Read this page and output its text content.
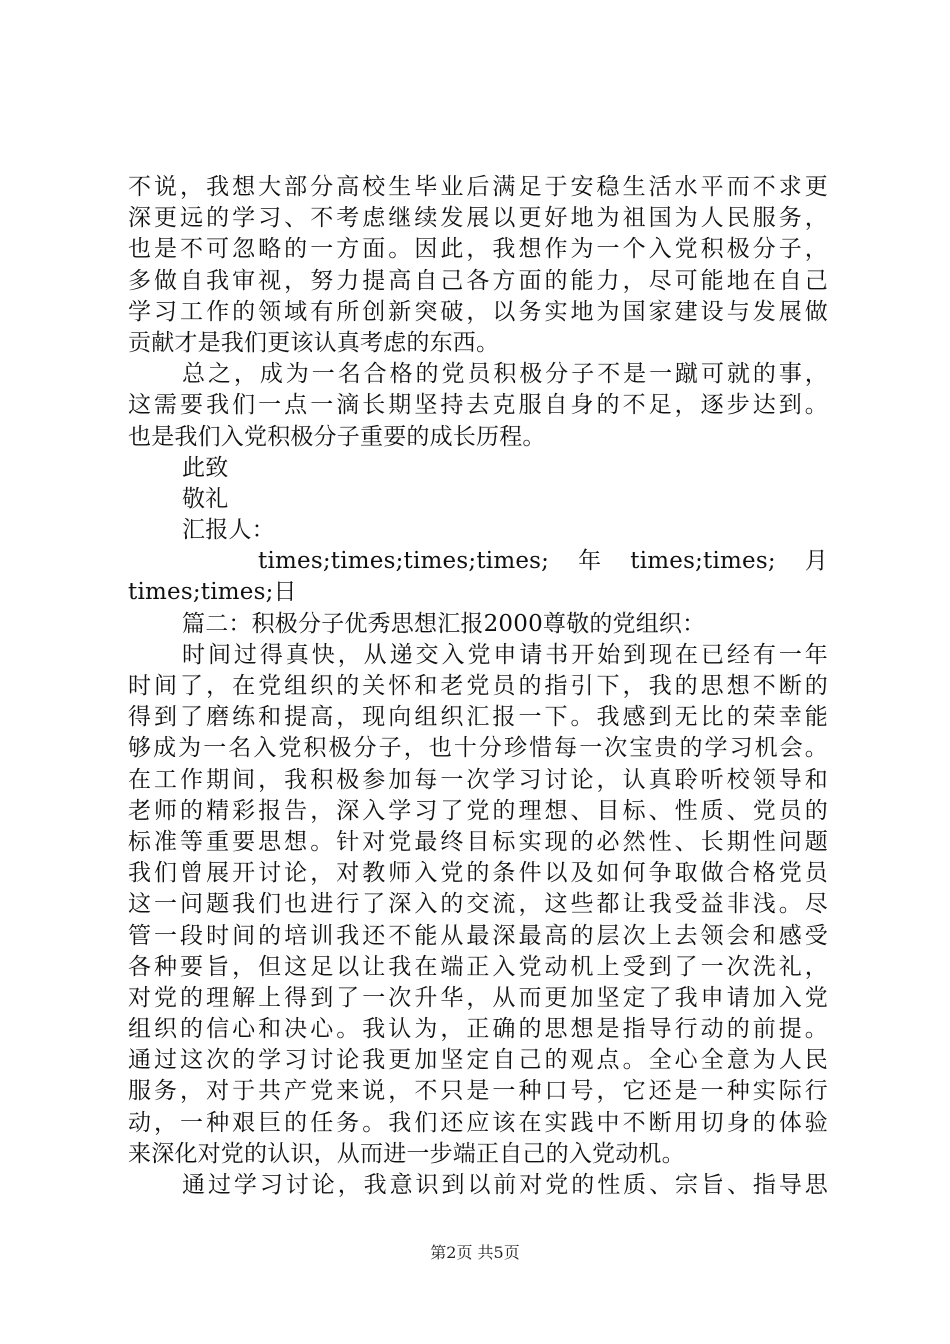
不说，我想大部分高校生毕业后满足于安稳生活水平而不求更
深更远的学习、不考虑继续发展以更好地为祖国为人民服务，
也是不可忽略的一方面。因此，我想作为一个入党积极分子，
多做自我审视，努力提高自己各方面的能力，尽可能地在自己
学习工作的领域有所创新突破，以务实地为国家建设与发展做
贡献才是我们更该认真考虑的东西。
总之，成为一名合格的党员积极分子不是一蹴可就的事，
这需要我们一点一滴长期坚持去克服自身的不足，逐步达到。
也是我们入党积极分子重要的成长历程。
此致
敬礼
汇报人：
times;times;times;times;　年　times;times;　月
times;times;日
篇二：积极分子优秀思想汇报2000尊敬的党组织：
时间过得真快，从递交入党申请书开始到现在已经有一年
时间了，在党组织的关怀和老党员的指引下，我的思想不断的
得到了磨练和提高，现向组织汇报一下。我感到无比的荣幸能
够成为一名入党积极分子，也十分珍惜每一次宝贵的学习机会。
在工作期间，我积极参加每一次学习讨论，认真聆听校领导和
老师的精彩报告，深入学习了党的理想、目标、性质、党员的
标准等重要思想。针对党最终目标实现的必然性、长期性问题
我们曾展开讨论，对教师入党的条件以及如何争取做合格党员
这一问题我们也进行了深入的交流，这些都让我受益非浅。尽
管一段时间的培训我还不能从最深最高的层次上去领会和感受
各种要旨，但这足以让我在端正入党动机上受到了一次洗礼，
对党的理解上得到了一次升华，从而更加坚定了我申请加入党
组织的信心和决心。我认为，正确的思想是指导行动的前提。
通过这次的学习讨论我更加坚定自己的观点。全心全意为人民
服务，对于共产党来说，不只是一种口号，它还是一种实际行
动，一种艰巨的任务。我们还应该在实践中不断用切身的体验
来深化对党的认识，从而进一步端正自己的入党动机。
通过学习讨论，我意识到以前对党的性质、宗旨、指导思
第2页 共5页
